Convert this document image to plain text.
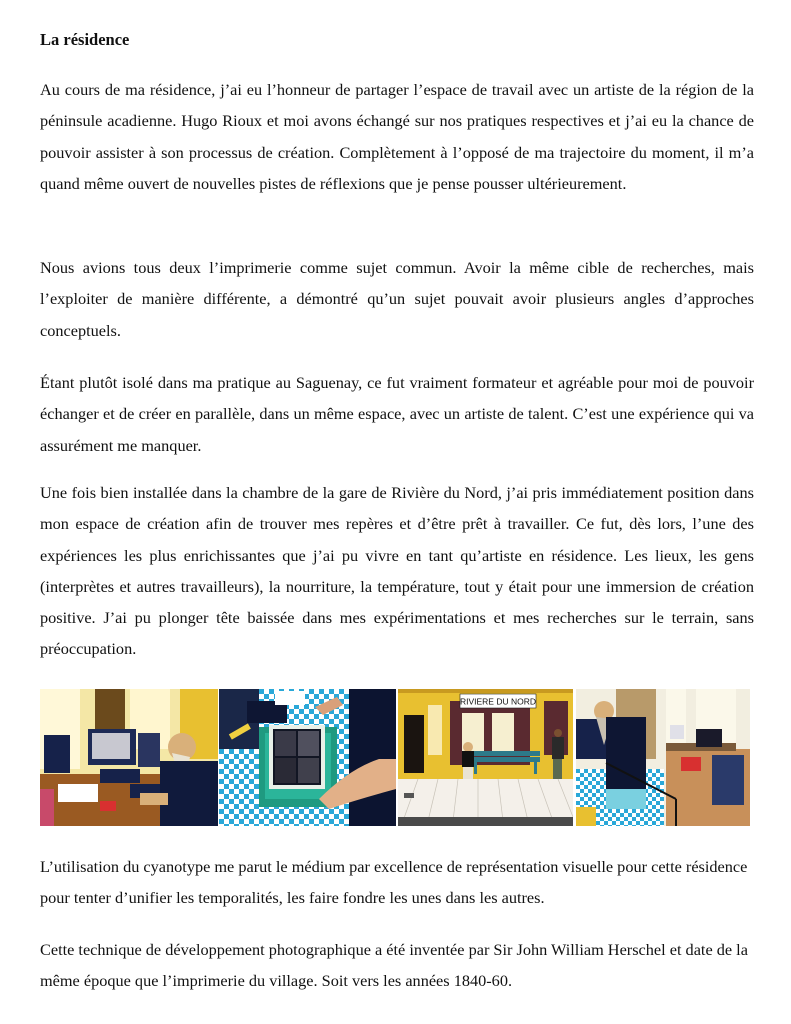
La résidence

Au cours de ma résidence, j’ai eu l’honneur de partager l’espace de travail avec un artiste de la région de la péninsule acadienne. Hugo Rioux et moi avons échangé sur nos pratiques respectives et j’ai eu la chance de pouvoir assister à son processus de création. Complètement à l’opposé de ma trajectoire du moment, il m’a quand même ouvert de nouvelles pistes de réflexions que je pense pousser ultérieurement.

Nous avions tous deux l’imprimerie comme sujet commun. Avoir la même cible de recherches, mais l’exploiter de manière différente, a démontré qu’un sujet pouvait avoir plusieurs angles d’approches conceptuels.

Étant plutôt isolé dans ma pratique au Saguenay, ce fut vraiment formateur et agréable pour moi de pouvoir échanger et de créer en parallèle, dans un même espace, avec un artiste de talent. C’est une expérience qui va assurément me manquer.

Une fois bien installée dans la chambre de la gare de Rivière du Nord, j’ai pris immédiatement position dans mon espace de création afin de trouver mes repères et d’être prêt à travailler. Ce fut, dès lors, l’une des expériences les plus enrichissantes que j’ai pu vivre en tant qu’artiste en résidence. Les lieux, les gens (interprètes et autres travailleurs), la nourriture, la température, tout y était pour une immersion de création positive. J’ai pu plonger tête baissée dans mes expérimentations et mes recherches sur le terrain, sans préoccupation.

RIVIERE DU NORD

L’utilisation du cyanotype me parut le médium par excellence de représentation visuelle pour cette résidence pour tenter d’unifier les temporalités, les faire fondre les unes dans les autres.

Cette technique de développement photographique a été inventée par Sir John William Herschel et date de la même époque que l’imprimerie du village. Soit vers les années 1840-60.
